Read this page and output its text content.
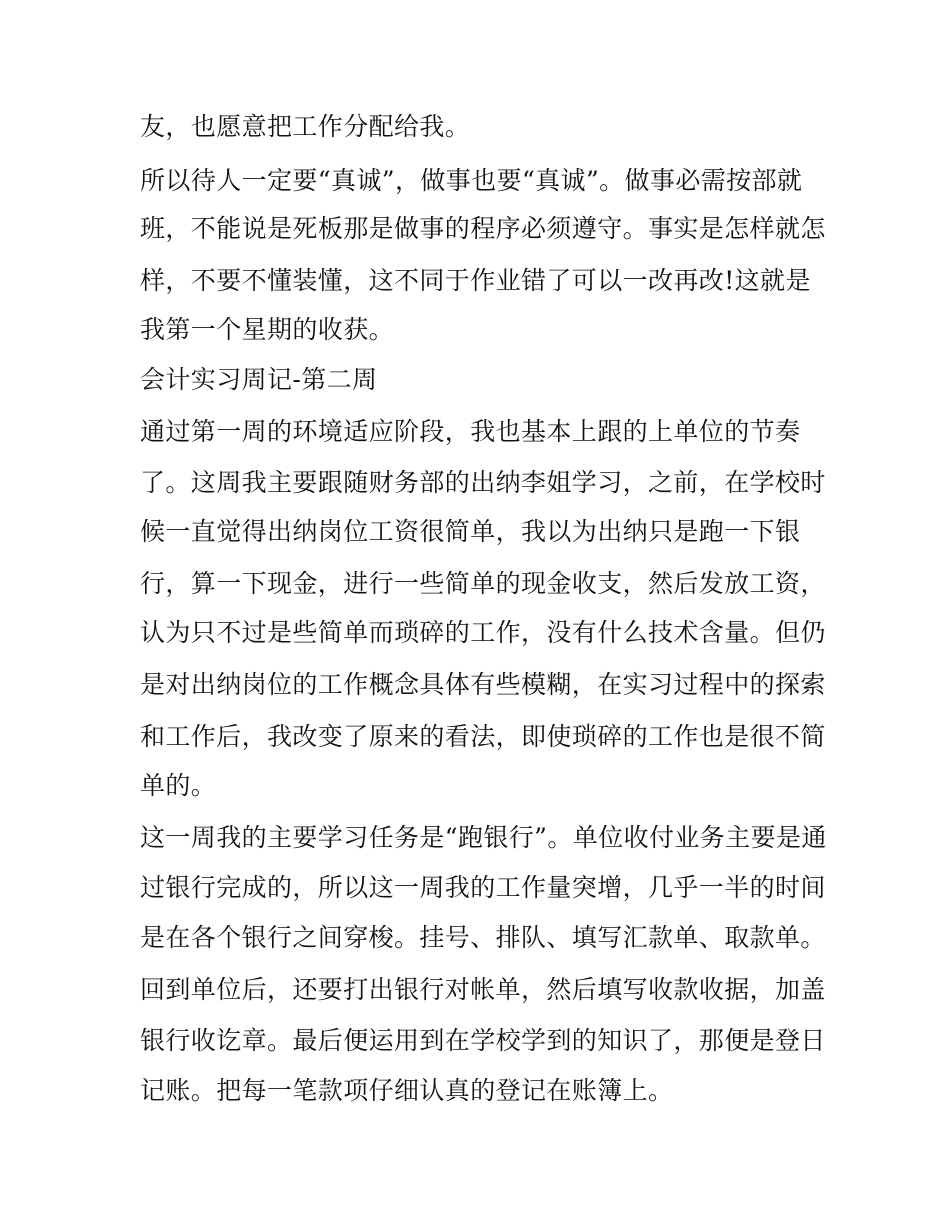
友，也愿意把工作分配给我。
所以待人一定要“真诚”，做事也要“真诚”。做事必需按部就
班，不能说是死板那是做事的程序必须遵守。事实是怎样就怎
样，不要不懂装懂，这不同于作业错了可以一改再改!这就是
我第一个星期的收获。
会计实习周记-第二周
通过第一周的环境适应阶段，我也基本上跟的上单位的节奏
了。这周我主要跟随财务部的出纳李姐学习，之前，在学校时
候一直觉得出纳岗位工资很简单，我以为出纳只是跑一下银
行，算一下现金，进行一些简单的现金收支，然后发放工资，
认为只不过是些简单而琐碎的工作，没有什么技术含量。但仍
是对出纳岗位的工作概念具体有些模糊，在实习过程中的探索
和工作后，我改变了原来的看法，即使琐碎的工作也是很不简
单的。
这一周我的主要学习任务是“跑银行”。单位收付业务主要是通
过银行完成的，所以这一周我的工作量突增，几乎一半的时间
是在各个银行之间穿梭。挂号、排队、填写汇款单、取款单。
回到单位后，还要打出银行对帐单，然后填写收款收据，加盖
银行收讫章。最后便运用到在学校学到的知识了，那便是登日
记账。把每一笔款项仔细认真的登记在账簿上。
